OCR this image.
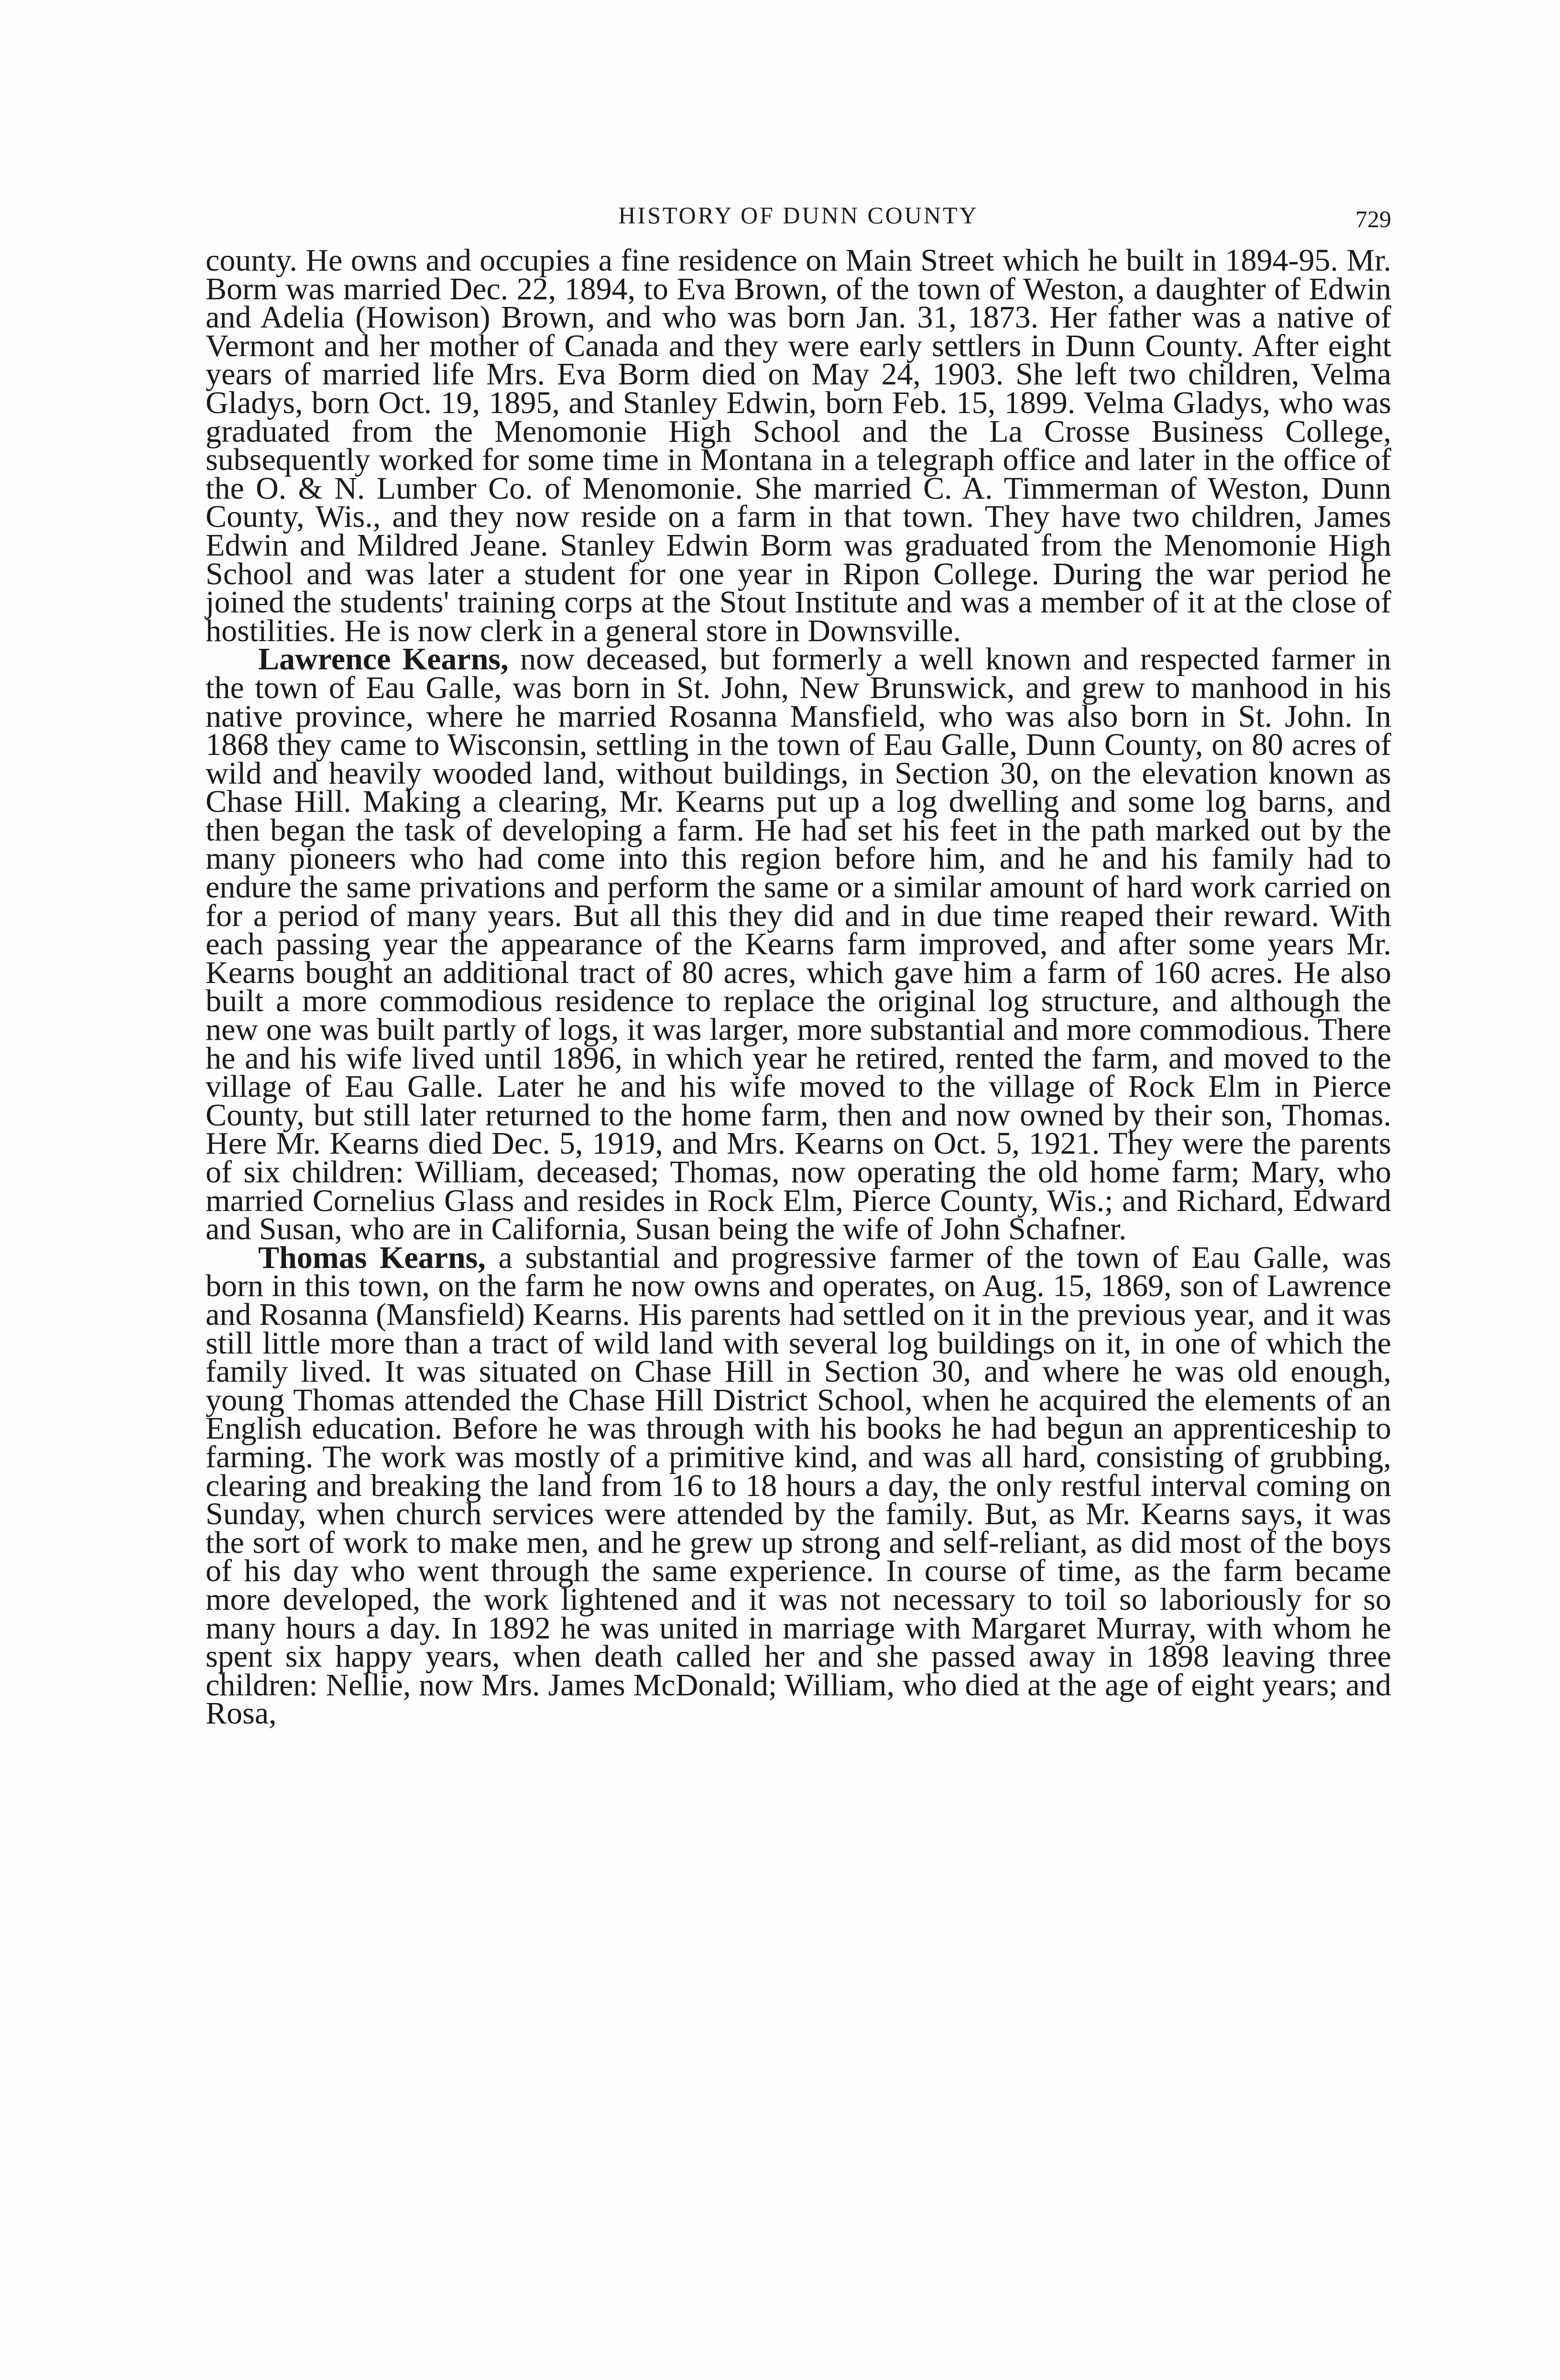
HISTORY OF DUNN COUNTY	729

county. He owns and occupies a fine residence on Main Street which he built in 1894-95. Mr. Borm was married Dec. 22, 1894, to Eva Brown, of the town of Weston, a daughter of Edwin and Adelia (Howison) Brown, and who was born Jan. 31, 1873. Her father was a native of Vermont and her mother of Canada and they were early settlers in Dunn County. After eight years of married life Mrs. Eva Borm died on May 24, 1903. She left two children, Velma Gladys, born Oct. 19, 1895, and Stanley Edwin, born Feb. 15, 1899. Velma Gladys, who was graduated from the Menomonie High School and the La Crosse Business College, subsequently worked for some time in Montana in a telegraph office and later in the office of the O. & N. Lumber Co. of Menomonie. She married C. A. Timmerman of Weston, Dunn County, Wis., and they now reside on a farm in that town. They have two children, James Edwin and Mildred Jeane. Stanley Edwin Borm was graduated from the Menomonie High School and was later a student for one year in Ripon College. During the war period he joined the students' training corps at the Stout Institute and was a member of it at the close of hostilities. He is now clerk in a general store in Downsville.

Lawrence Kearns, now deceased, but formerly a well known and respected farmer in the town of Eau Galle, was born in St. John, New Brunswick, and grew to manhood in his native province, where he married Rosanna Mansfield, who was also born in St. John. In 1868 they came to Wisconsin, settling in the town of Eau Galle, Dunn County, on 80 acres of wild and heavily wooded land, without buildings, in Section 30, on the elevation known as Chase Hill. Making a clearing, Mr. Kearns put up a log dwelling and some log barns, and then began the task of developing a farm. He had set his feet in the path marked out by the many pioneers who had come into this region before him, and he and his family had to endure the same privations and perform the same or a similar amount of hard work carried on for a period of many years. But all this they did and in due time reaped their reward. With each passing year the appearance of the Kearns farm improved, and after some years Mr. Kearns bought an additional tract of 80 acres, which gave him a farm of 160 acres. He also built a more commodious residence to replace the original log structure, and although the new one was built partly of logs, it was larger, more substantial and more commodious. There he and his wife lived until 1896, in which year he retired, rented the farm, and moved to the village of Eau Galle. Later he and his wife moved to the village of Rock Elm in Pierce County, but still later returned to the home farm, then and now owned by their son, Thomas. Here Mr. Kearns died Dec. 5, 1919, and Mrs. Kearns on Oct. 5, 1921. They were the parents of six children: William, deceased; Thomas, now operating the old home farm; Mary, who married Cornelius Glass and resides in Rock Elm, Pierce County, Wis.; and Richard, Edward and Susan, who are in California, Susan being the wife of John Schafner.

Thomas Kearns, a substantial and progressive farmer of the town of Eau Galle, was born in this town, on the farm he now owns and operates, on Aug. 15, 1869, son of Lawrence and Rosanna (Mansfield) Kearns. His parents had settled on it in the previous year, and it was still little more than a tract of wild land with several log buildings on it, in one of which the family lived. It was situated on Chase Hill in Section 30, and where he was old enough, young Thomas attended the Chase Hill District School, when he acquired the elements of an English education. Before he was through with his books he had begun an apprenticeship to farming. The work was mostly of a primitive kind, and was all hard, consisting of grubbing, clearing and breaking the land from 16 to 18 hours a day, the only restful interval coming on Sunday, when church services were attended by the family. But, as Mr. Kearns says, it was the sort of work to make men, and he grew up strong and self-reliant, as did most of the boys of his day who went through the same experience. In course of time, as the farm became more developed, the work lightened and it was not necessary to toil so laboriously for so many hours a day. In 1892 he was united in marriage with Margaret Murray, with whom he spent six happy years, when death called her and she passed away in 1898 leaving three children: Nellie, now Mrs. James McDonald; William, who died at the age of eight years; and Rosa,
